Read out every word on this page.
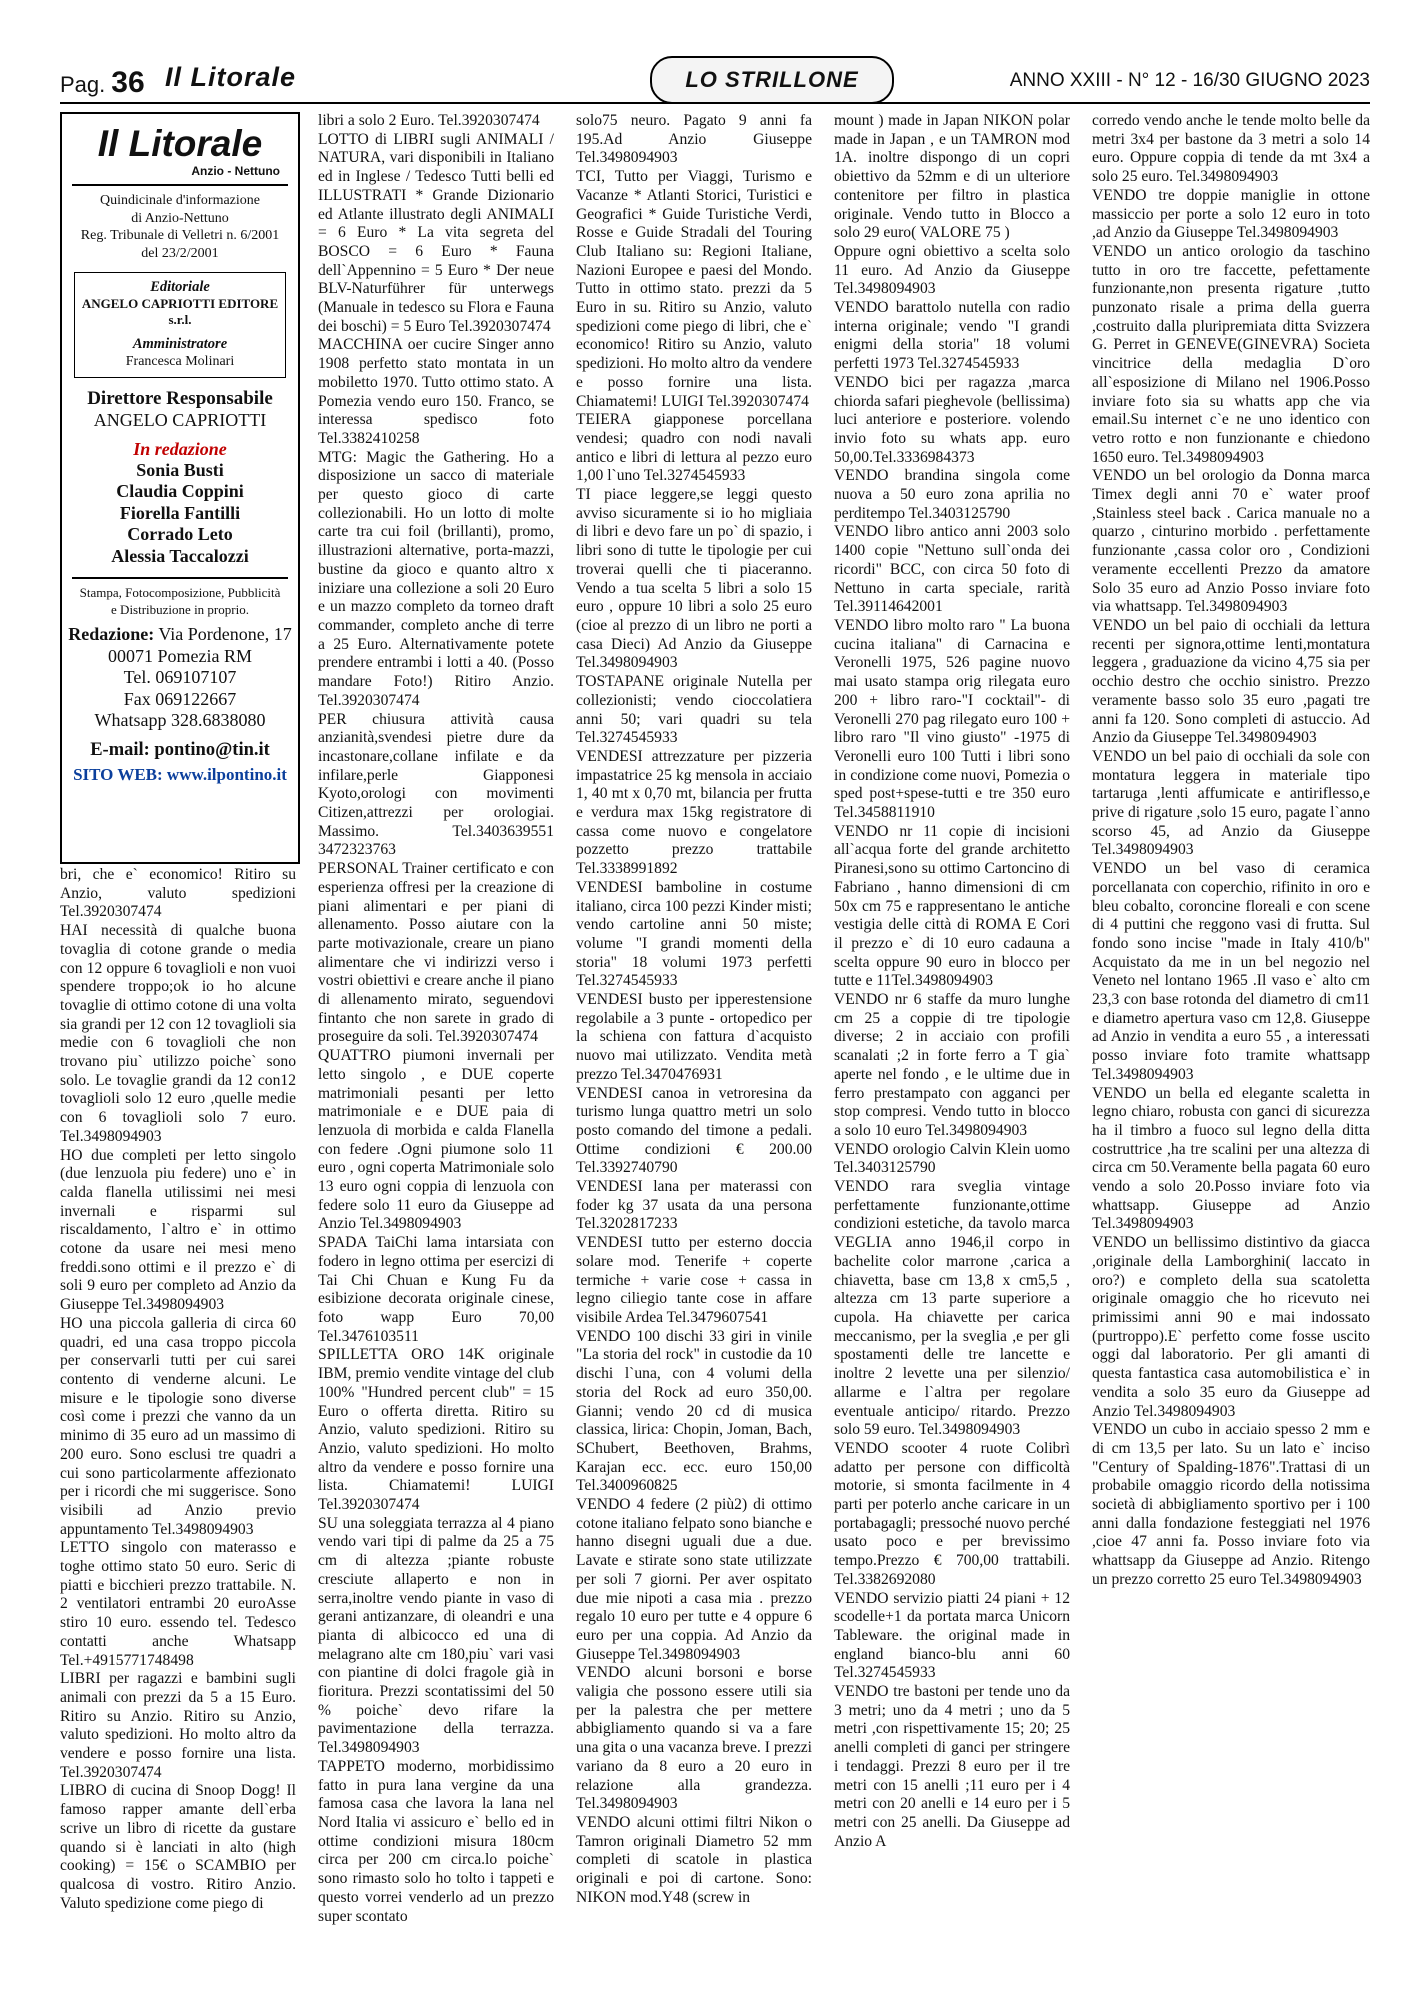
Pag. 36 Il Litorale	LO STRILLONE	ANNO XXIII - N° 12 - 16/30 GIUGNO 2023
Il Litorale
Anzio - Nettuno
Quindicinale d'informazione
di Anzio-Nettuno
Reg. Tribunale di Velletri n. 6/2001
del 23/2/2001
Editoriale
ANGELO CAPRIOTTI EDITORE s.r.l.
Amministratore
Francesca Molinari
Direttore Responsabile
ANGELO CAPRIOTTI
In redazione
Sonia Busti
Claudia Coppini
Fiorella Fantilli
Corrado Leto
Alessia Taccalozzi
Stampa, Fotocomposizione, Pubblicità
e Distribuzione in proprio.
Redazione: Via Pordenone, 17
00071 Pomezia RM
Tel. 069107107
Fax 069122667
Whatsapp 328.6838080
E-mail: pontino@tin.it
SITO WEB: www.ilpontino.it

bri, che e` economico! Ritiro su Anzio, valuto spedizioni Tel.3920307474

HAI necessità di qualche buona tovaglia di cotone grande o media con 12 oppure 6 tovaglioli e non vuoi spendere troppo;ok io ho alcune tovaglie di ottimo cotone di una volta sia grandi per 12 con 12 tovaglioli sia medie con 6 tovaglioli che non trovano piu` utilizzo poiche` sono solo. Le tovaglie grandi da 12 con12 tovaglioli solo 12 euro ,quelle medie con 6 tovaglioli solo 7 euro. Tel.3498094903

HO due completi per letto singolo (due lenzuola piu federe) uno e` in calda flanella utilissimi nei mesi invernali e risparmi sul riscaldamento, l`altro e` in ottimo cotone da usare nei mesi meno freddi.sono ottimi e il prezzo e` di soli 9 euro per completo ad Anzio da Giuseppe Tel.3498094903

HO una piccola galleria di circa 60 quadri, ed una casa troppo piccola per conservarli tutti per cui sarei contento di venderne alcuni. Le misure e le tipologie sono diverse così come i prezzi che vanno da un minimo di 35 euro ad un massimo di 200 euro. Sono esclusi tre quadri a cui sono particolarmente affezionato per i ricordi che mi suggerisce. Sono visibili ad Anzio previo appuntamento Tel.3498094903

LETTO singolo con materasso e toghe ottimo stato 50 euro. Seric di piatti e bicchieri prezzo trattabile. N. 2 ventilatori entrambi 20 euroAsse stiro 10 euro. essendo tel. Tedesco contatti anche Whatsapp Tel.+4915771748498

LIBRI per ragazzi e bambini sugli animali con prezzi da 5 a 15 Euro. Ritiro su Anzio. Ritiro su Anzio, valuto spedizioni. Ho molto altro da vendere e posso fornire una lista. Tel.3920307474

LIBRO di cucina di Snoop Dogg! Il famoso rapper amante dell`erba scrive un libro di ricette da gustare quando si è lanciati in alto (high cooking) = 15€ o SCAMBIO per qualcosa di vostro. Ritiro Anzio. Valuto spedizione come piego di

libri a solo 2 Euro. Tel.3920307474

LOTTO di LIBRI sugli ANIMALI / NATURA, vari disponibili in Italiano ed in Inglese / Tedesco Tutti belli ed ILLUSTRATI * Grande Dizionario ed Atlante illustrato degli ANIMALI = 6 Euro * La vita segreta del BOSCO = 6 Euro * Fauna dell`Appennino = 5 Euro * Der neue BLV-Naturführer für unterwegs (Manuale in tedesco su Flora e Fauna dei boschi) = 5 Euro Tel.3920307474

MACCHINA oer cucire Singer anno 1908 perfetto stato montata in un mobiletto 1970. Tutto ottimo stato. A Pomezia vendo euro 150. Franco, se interessa spedisco foto Tel.3382410258

MTG: Magic the Gathering. Ho a disposizione un sacco di materiale per questo gioco di carte collezionabili. Ho un lotto di molte carte tra cui foil (brillanti), promo, illustrazioni alternative, porta-mazzi, bustine da gioco e quanto altro x iniziare una collezione a soli 20 Euro e un mazzo completo da torneo draft commander, completo anche di terre a 25 Euro. Alternativamente potete prendere entrambi i lotti a 40. (Posso mandare Foto!) Ritiro Anzio. Tel.3920307474

PER chiusura attività causa anzianità,svendesi pietre dure da incastonare,collane infilate e da infilare,perle Giapponesi Kyoto,orologi con movimenti Citizen,attrezzi per orologiai. Massimo. Tel.3403639551 3472323763

PERSONAL Trainer certificato e con esperienza offresi per la creazione di piani alimentari e per piani di allenamento. Posso aiutare con la parte motivazionale, creare un piano alimentare che vi indirizzi verso i vostri obiettivi e creare anche il piano di allenamento mirato, seguendovi fintanto che non sarete in grado di proseguire da soli. Tel.3920307474

QUATTRO piumoni invernali per letto singolo , e DUE coperte matrimoniali pesanti per letto matrimoniale e e DUE paia di lenzuola di morbida e calda Flanella con federe .Ogni piumone solo 11 euro , ogni coperta Matrimoniale solo 13 euro ogni coppia di lenzuola con federe solo 11 euro da Giuseppe ad Anzio Tel.3498094903

SPADA TaiChi lama intarsiata con fodero in legno ottima per esercizi di Tai Chi Chuan e Kung Fu da esibizione decorata originale cinese, foto wapp Euro 70,00 Tel.3476103511

SPILLETTA ORO 14K originale IBM, premio vendite vintage del club 100% "Hundred percent club" = 15 Euro o offerta diretta. Ritiro su Anzio, valuto spedizioni. Ritiro su Anzio, valuto spedizioni. Ho molto altro da vendere e posso fornire una lista. Chiamatemi! LUIGI Tel.3920307474

SU una soleggiata terrazza al 4 piano vendo vari tipi di palme da 25 a 75 cm di altezza ;piante robuste cresciute allaperto e non in serra,inoltre vendo piante in vaso di gerani antizanzare, di oleandri e una pianta di albicocco ed una di melagrano alte cm 180,piu` vari vasi con piantine di dolci fragole già in fioritura. Prezzi scontatissimi del 50 % poiche` devo rifare la pavimentazione della terrazza. Tel.3498094903

TAPPETO moderno, morbidissimo fatto in pura lana vergine da una famosa casa che lavora la lana nel Nord Italia vi assicuro e` bello ed in ottime condizioni misura 180cm circa per 200 cm circa.lo poiche` sono rimasto solo ho tolto i tappeti e questo vorrei venderlo ad un prezzo super scontato

solo75 neuro. Pagato 9 anni fa 195.Ad Anzio Giuseppe Tel.3498094903

TCI, Tutto per Viaggi, Turismo e Vacanze * Atlanti Storici, Turistici e Geografici * Guide Turistiche Verdi, Rosse e Guide Stradali del Touring Club Italiano su: Regioni Italiane, Nazioni Europee e paesi del Mondo. Tutto in ottimo stato. prezzi da 5 Euro in su. Ritiro su Anzio, valuto spedizioni come piego di libri, che e` economico! Ritiro su Anzio, valuto spedizioni. Ho molto altro da vendere e posso fornire una lista. Chiamatemi! LUIGI Tel.3920307474

TEIERA giapponese porcellana vendesi; quadro con nodi navali antico e libri di lettura al pezzo euro 1,00 l`uno Tel.3274545933

TI piace leggere,se leggi questo avviso sicuramente si io ho migliaia di libri e devo fare un po` di spazio, i libri sono di tutte le tipologie per cui troverai quelli che ti piaceranno. Vendo a tua scelta 5 libri a solo 15 euro , oppure 10 libri a solo 25 euro (cioe al prezzo di un libro ne porti a casa Dieci) Ad Anzio da Giuseppe Tel.3498094903

TOSTAPANE originale Nutella per collezionisti; vendo cioccolatiera anni 50; vari quadri su tela Tel.3274545933

VENDESI attrezzature per pizzeria impastatrice 25 kg mensola in acciaio 1, 40 mt x 0,70 mt, bilancia per frutta e verdura max 15kg registratore di cassa come nuovo e congelatore pozzetto prezzo trattabile Tel.3338991892

VENDESI bamboline in costume italiano, circa 100 pezzi Kinder misti; vendo cartoline anni 50 miste; volume "I grandi momenti della storia" 18 volumi 1973 perfetti Tel.3274545933

VENDESI busto per ipperestensione regolabile a 3 punte - ortopedico per la schiena con fattura d`acquisto nuovo mai utilizzato. Vendita metà prezzo Tel.3470476931

VENDESI canoa in vetroresina da turismo lunga quattro metri un solo posto comando del timone a pedali. Ottime condizioni € 200.00 Tel.3392740790

VENDESI lana per materassi con foder kg 37 usata da una persona Tel.3202817233

VENDESI tutto per esterno doccia solare mod. Tenerife + coperte termiche + varie cose + cassa in legno ciliegio tante cose in affare visibile Ardea Tel.3479607541

VENDO 100 dischi 33 giri in vinile "La storia del rock" in custodie da 10 dischi l`una, con 4 volumi della storia del Rock ad euro 350,00. Gianni; vendo 20 cd di musica classica, lirica: Chopin, Joman, Bach, SChubert, Beethoven, Brahms, Karajan ecc. ecc. euro 150,00 Tel.3400960825

VENDO 4 federe (2 più2) di ottimo cotone italiano felpato sono bianche e hanno disegni uguali due a due. Lavate e stirate sono state utilizzate per soli 7 giorni. Per aver ospitato due mie nipoti a casa mia . prezzo regalo 10 euro per tutte e 4 oppure 6 euro per una coppia. Ad Anzio da Giuseppe Tel.3498094903

VENDO alcuni borsoni e borse valigia che possono essere utili sia per la palestra che per mettere abbigliamento quando si va a fare una gita o una vacanza breve. I prezzi variano da 8 euro a 20 euro in relazione alla grandezza. Tel.3498094903

VENDO alcuni ottimi filtri Nikon o Tamron originali Diametro 52 mm completi di scatole in plastica originali e poi di cartone. Sono: NIKON mod.Y48 (screw in

mount ) made in Japan NIKON polar made in Japan , e un TAMRON mod 1A. inoltre dispongo di un copri obiettivo da 52mm e di un ulteriore contenitore per filtro in plastica originale. Vendo tutto in Blocco a solo 29 euro( VALORE 75 )

Oppure ogni obiettivo a scelta solo 11 euro. Ad Anzio da Giuseppe Tel.3498094903

VENDO barattolo nutella con radio interna originale; vendo "I grandi enigmi della storia" 18 volumi perfetti 1973 Tel.3274545933

VENDO bici per ragazza ,marca chiorda safari pieghevole (bellissima) luci anteriore e posteriore. volendo invio foto su whats app. euro 50,00.Tel.3336984373

VENDO brandina singola come nuova a 50 euro zona aprilia no perditempo Tel.3403125790

VENDO libro antico anni 2003 solo 1400 copie "Nettuno sull`onda dei ricordi" BCC, con circa 50 foto di Nettuno in carta speciale, rarità Tel.39114642001

VENDO libro molto raro " La buona cucina italiana" di Carnacina e Veronelli 1975, 526 pagine nuovo mai usato stampa orig rilegata euro 200 + libro raro-"I cocktail"- di Veronelli 270 pag rilegato euro 100 + libro raro "Il vino giusto" -1975 di Veronelli euro 100 Tutti i libri sono in condizione come nuovi, Pomezia o sped post+spese-tutti e tre 350 euro Tel.3458811910

VENDO nr 11 copie di incisioni all`acqua forte del grande architetto Piranesi,sono su ottimo Cartoncino di Fabriano , hanno dimensioni di cm 50x cm 75 e rappresentano le antiche vestigia delle città di ROMA E Cori il prezzo e` di 10 euro cadauna a scelta oppure 90 euro in blocco per tutte e 11Tel.3498094903

VENDO nr 6 staffe da muro lunghe cm 25 a coppie di tre tipologie diverse; 2 in acciaio con profili scanalati ;2 in forte ferro a T gia` aperte nel fondo , e le ultime due in ferro prestampato con agganci per stop compresi. Vendo tutto in blocco a solo 10 euro Tel.3498094903

VENDO orologio Calvin Klein uomo Tel.3403125790

VENDO rara sveglia vintage perfettamente funzionante,ottime condizioni estetiche, da tavolo marca VEGLIA anno 1946,il corpo in bachelite color marrone ,carica a chiavetta, base cm 13,8 x cm5,5 , altezza cm 13 parte superiore a cupola. Ha chiavette per carica meccanismo, per la sveglia ,e per gli spostamenti delle tre lancette e inoltre 2 levette una per silenzio/ allarme e l`altra per regolare eventuale anticipo/ ritardo. Prezzo solo 59 euro. Tel.3498094903

VENDO scooter 4 ruote Colibrì adatto per persone con difficoltà motorie, si smonta facilmente in 4 parti per poterlo anche caricare in un portabagagli; pressoché nuovo perché usato poco e per brevissimo tempo.Prezzo € 700,00 trattabili. Tel.3382692080

VENDO servizio piatti 24 piani + 12 scodelle+1 da portata marca Unicorn Tableware. the original made in england bianco-blu anni 60 Tel.3274545933

VENDO tre bastoni per tende uno da 3 metri; uno da 4 metri ; uno da 5 metri ,con rispettivamente 15; 20; 25 anelli completi di ganci per stringere i tendaggi. Prezzi 8 euro per il tre metri con 15 anelli ;11 euro per i 4 metri con 20 anelli e 14 euro per i 5 metri con 25 anelli. Da Giuseppe ad Anzio A

corredo vendo anche le tende molto belle da metri 3x4 per bastone da 3 metri a solo 14 euro. Oppure coppia di tende da mt 3x4 a solo 25 euro. Tel.3498094903

VENDO tre doppie maniglie in ottone massiccio per porte a solo 12 euro in toto ,ad Anzio da Giuseppe Tel.3498094903

VENDO un antico orologio da taschino tutto in oro tre faccette, pefettamente funzionante,non presenta rigature ,tutto punzonato risale a prima della guerra ,costruito dalla pluripremiata ditta Svizzera G. Perret in GENEVE(GINEVRA) Societa vincitrice della medaglia D`oro all`esposizione di Milano nel 1906.Posso inviare foto sia su whatts app che via email.Su internet c`e ne uno identico con vetro rotto e non funzionante e chiedono 1650 euro. Tel.3498094903

VENDO un bel orologio da Donna marca Timex degli anni 70 e` water proof ,Stainless steel back . Carica manuale no a quarzo , cinturino morbido . perfettamente funzionante ,cassa color oro , Condizioni veramente eccellenti Prezzo da amatore Solo 35 euro ad Anzio Posso inviare foto via whattsapp. Tel.3498094903

VENDO un bel paio di occhiali da lettura recenti per signora,ottime lenti,montatura leggera , graduazione da vicino 4,75 sia per occhio destro che occhio sinistro. Prezzo veramente basso solo 35 euro ,pagati tre anni fa 120. Sono completi di astuccio. Ad Anzio da Giuseppe Tel.3498094903

VENDO un bel paio di occhiali da sole con montatura leggera in materiale tipo tartaruga ,lenti affumicate e antiriflesso,e prive di rigature ,solo 15 euro, pagate l`anno scorso 45, ad Anzio da Giuseppe Tel.3498094903

VENDO un bel vaso di ceramica porcellanata con coperchio, rifinito in oro e bleu cobalto, coroncine floreali e con scene di 4 puttini che reggono vasi di frutta. Sul fondo sono incise "made in Italy 410/b" Acquistato da me in un bel negozio nel Veneto nel lontano 1965 .Il vaso e` alto cm 23,3 con base rotonda del diametro di cm11 e diametro apertura vaso cm 12,8. Giuseppe ad Anzio in vendita a euro 55 , a interessati posso inviare foto tramite whattsapp Tel.3498094903

VENDO un bella ed elegante scaletta in legno chiaro, robusta con ganci di sicurezza ha il timbro a fuoco sul legno della ditta costruttrice ,ha tre scalini per una altezza di circa cm 50.Veramente bella pagata 60 euro vendo a solo 20.Posso inviare foto via whattsapp. Giuseppe ad Anzio Tel.3498094903

VENDO un bellissimo distintivo da giacca ,originale della Lamborghini( laccato in oro?) e completo della sua scatoletta originale omaggio che ho ricevuto nei primissimi anni 90 e mai indossato (purtroppo).E` perfetto come fosse uscito oggi dal laboratorio. Per gli amanti di questa fantastica casa automobilistica e` in vendita a solo 35 euro da Giuseppe ad Anzio Tel.3498094903

VENDO un cubo in acciaio spesso 2 mm e di cm 13,5 per lato. Su un lato e` inciso "Century of Spalding-1876".Trattasi di un probabile omaggio ricordo della notissima società di abbigliamento sportivo per i 100 anni dalla fondazione festeggiati nel 1976 ,cioe 47 anni fa. Posso inviare foto via whattsapp da Giuseppe ad Anzio. Ritengo un prezzo corretto 25 euro Tel.3498094903
